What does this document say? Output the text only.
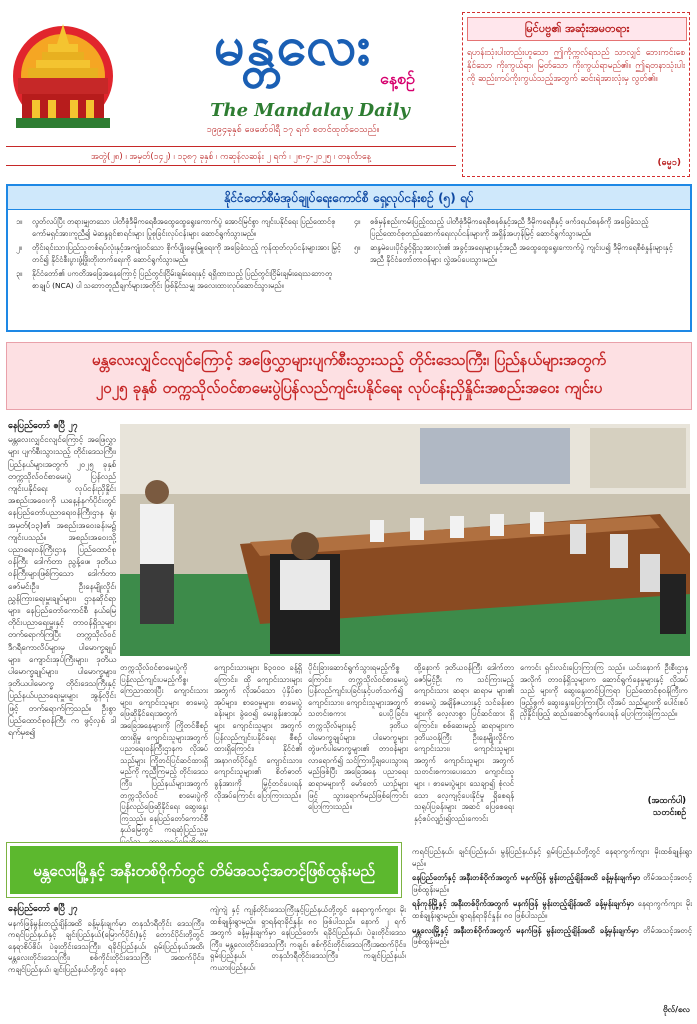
မန္တလေး
နေ့စဉ်
The Mandalay Daily
၁၉၉၄ခုနှစ် ဖေဖော်ဝါရီ ၁၇ ရက် စတင်ထုတ်ဝေသည်။
မြင်ပဗ္ဗ၏ အဆုံးအမတရား
ရဟန်းသုံးပါးတည်းဟူသော ဤကိုက္ကလ်ရသည် သာလျှင် ဘေးကင်းစေနိုင်သော ကိုးကွယ်ရာ၊ မြတ်သော ကိုးကွယ်ရာမည်၏။ ဤရတနာသုံးပါးကို ဆည်းကပ်ကိုးကွယ်သည့်အတွက် ဆင်းရဲအားလုံးမှ လွတ်၏။
(ဓမ္မ၁)
အတွဲ(၂၈) ၊ အမှတ်(၁၄၂) ၊ ၁၃၈၇ ခုနှစ် ၊ ကဆုန်လဆန်း ၂ ရက် ၊ ၂၈-၄-၂၀၂၅ ၊ တနင်္လာနေ့
နိုင်ငံတော်စီမံအုပ်ချုပ်ရေးကောင်စီ ရှေ့လုပ်ငန်းစဉ် (၅) ရပ်
၁။	လွတ်လပ်ပြီး တရားမျှတသော ပါတီစုံဒီမိုကရေစီအထွေထွေရွေးကောက်ပွဲ အောင်မြင်စွာ ကျင်းပနိုင်ရေး ပြည်ထောင်စုကော်မရှင်အားကူညီ၍ မဲဆန္ဒရှင်စာရင်းများ ပြုစုခြင်းလုပ်ငန်းများ ဆောင်ရွက်သွားမည်။
၂။	တိုင်းရင်းသားပြည်သူတစ်ရပ်လုံးနှင့်အကျုံးဝင်သော စိုက်ပျိုးမွေးမြူရေးကို အခြေခံသည့် ကုန်ထုတ်လုပ်ငန်းများအား မြှင့်တင်၍ နိုင်ငံစီးပွားဖွံ့ဖြိုးတိုးတက်ရေးကို ဆောင်ရွက်သွားမည်။
၃။	နိုင်ငံတော်၏ ပကတိအခြေအနေကြောင့် ပြည်တွင်းငြိမ်းချမ်းရေးနှင့် ရရှိထားသည့် ပြည်တွင်းငြိမ်းချမ်းရေးသဘောတူစာချုပ် (NCA) ပါ သဘောတူညီချက်များအတိုင်း ဖြစ်နိုင်သမျှ အလေးထားလုပ်ဆောင်သွားမည်။
၄။	စစ်မှန်စည်းကမ်းပြည့်ဝသည့် ပါတီစုံဒီမိုကရေစီစနစ်နှင့်အညီ ဒီမိုကရေစီနှင့် ဖက်ဒရယ်စနစ်ကို အခြေခံသည့် ပြည်ထောင်စုတည်ဆောက်ရေးလုပ်ငန်းများကို အရှိန်အဟုန်မြင့် ဆောင်ရွက်သွားမည်။
၅။	ဆန္ဒမဲပေးပိုင်ခွင့်ရှိသူအားလုံး၏ အခွင့်အရေးများနှင့်အညီ အထွေထွေရွေးကောက်ပွဲ ကျင်းပ၍ ဒီမိုကရေစီစံနှုန်းများနှင့်အညီ နိုင်ငံတော်တာဝန်များ လွှဲအပ်ပေးသွားမည်။
မန္တလေးလျှင်ငလျင်ကြောင့် အဖြေလွှာများပျက်စီးသွားသည့် တိုင်းဒေသကြီး၊ ပြည်နယ်များအတွက်
၂၀၂၅ ခုနှစ် တက္ကသိုလ်ဝင်စာမေးပွဲပြန်လည်ကျင်းပနိုင်ရေး လုပ်ငန်းညှိနှိုင်းအစည်းအဝေး ကျင်းပ
နေပြည်တော် ဧပြီ ၂၇
မန္တလေးလျှင်ငလျင်ကြောင့် အဖြေလွှာများ ပျက်စီးသွားသည့် တိုင်းဒေသကြီး၊ ပြည်နယ်များအတွက် ၂၀၂၅ ခုနှစ် တက္ကသိုလ်ဝင်စာမေးပွဲ ပြန်လည်ကျင်းပနိုင်ရေး လုပ်ငန်းညှိနှိုင်းအစည်းအဝေးကို ယနေ့နံနက်ပိုင်းတွင် နေပြည်တော်ပညာရေးဝန်ကြီးဌာန ရုံး အမှတ်(၁၃)၏ အစည်းအဝေးခန်းမ၌ ကျင်းပသည်။ အစည်းအဝေးသို့ ပညာရေးဝန်ကြီးဌာန ပြည်ထောင်စုဝန်ကြီး ဒေါက်တာ ညွန့်ဖေ၊ ဒုတိယဝန်ကြီးများဖြစ်ကြသော ဒေါက်တာ ဇော်မင်းဦး၊ ဦးနေမျိုးလှိုင်၊ ညွှန်ကြားရေးမှူးချုပ်များ၊ ဌာနဆိုင်ရာများ၊ နေပြည်တော်ကောင်စီ နယ်မြေတိုင်းပညာရေးမှူးနှင့် တာဝန်ရှိသူများ တက်ရောက်ကြပြီး တက္ကသိုလ်ဝင် ဒီဂရီကောလိပ်များမှ ပါမောက္ခချုပ်များ၊ ကျောင်းအုပ်ကြီးများ၊ ဒုတိယပါမောက္ခချုပ်များ၊ ပါမောက္ခများ၊ ဒုတိယပါမောက္ခ တိုင်းဒေသကြီးနှင့် ပြည်နယ်ပညာရေးမှူးများ အွန်လိုင်းဖြင့် တက်ရောက်ကြသည်။ ဦးစွာ ပြည်ထောင်စုဝန်ကြီး က ဖွင့်လှစ် ဒါ ရက်မှစ၍
တက္ကသိုလ်ဝင်စာမေးပွဲကို ပြန်လည်ကျင်းပမည့်ကိစ္စ၊ ကြေညာထားပြီး ကျောင်းသားများ၊ ကျောင်းသူများ စာမေးပွဲ ဖြေဆိုနိုင်ရေးအတွက် အခြေအနေများကို ကြိုတင်စီစဉ်ထားရှိမှု ကျောင်းသူများအတွက် ပညာရေးဝန်ကြီးဌာနက လိုအပ်သည်များ ကြိုတင်ပြင်ဆင်ထားရှိမည်ကို ကူညီကြမည့် တိုင်းဒေသကြီး၊ ပြည်နယ်များအတွက် တက္ကသိုလ်ဝင် စာမေးပွဲကို ပြန်လည်ဖြေဆိုနိုင်ရေး ဆွေးနွေးကြသည်။ နေပြည်တော်ကောင်စီ နယ်မြေတွင် ကရဆုံပြည်သူ့မှ
ကျောင်းသားများ ၆၃၀၀၀ ခန့်ရှိကြောင်း၊ ထို ကျောင်းသားများ အတွက် လိုအပ်သော ပုံနှိပ်စာအုပ်များ၊ စာဝေမှုများ၊ စာမေးပွဲခန်းများ ခွဲဝေ၍ မေးခွန်းစာအုပ်များ ကျောင်းသူများ အတွက် ပြန်လည်ကျင်းပနိုင်ရေး စီစဉ်ထားရှိကြောင်း၊ နိုင်ငံ၏ အနာဂတ်ပိုင်ရှင် ကျောင်းသား၊ ကျောင်းသူများ၏ စိတ်ဓာတ်ခွန်အားကို မြှင့်တင်ပေးရန် လိုအပ်ကြောင်း ပြောကြားသည်။
ပိုင်းခြားဆောင်ရွက်သွားရမည့်ကိစ္စ ကြောင်း၊ တက္ကသိုလ်ဝင်စာမေးပွဲ ပြန်လည်ကျင်းပခြင်းနှင့်ပတ်သက်၍ ကျောင်းသား၊ ကျောင်းသူများအတွက် သတင်းစကား ပေးပို့ခြင်း၊ တက္ကသိုလ်များနှင့် ဒုတိယပါမောက္ခချုပ်များ၊ ပါမောက္ခများ တွဲဖက်ပါမောက္ခများ၏ တာဝန်များ လာရောက်၍ သင်ကြားပို့ချပေးသွားရမည်ဖြစ်ပြီး အခြေအနေ ပညာရေး ဆရာမများကို မော်တော် ယာဥ်များဖြင့် သွားရောက်မည်ဖြစ်ကြောင်း ပြောကြားသည်။
ထို့နောက် ဒုတိယဝန်ကြီး ဒေါက်တာ ဇော်မြင့်ဦး က သင်ကြားမည့် ကျောင်းသား ဆရာ၊ ဆရာမ များ၏ စာမေးပွဲ အချိန်ဇယားနှင့် သင်ခန်းစာများကို လေ့လာစွာ ပြင်ဆင်ထား ရှိကြောင်း၊ စစ်ဆေးမည့် ဆရာများက ဒုတိယဝန်ကြီး ဦးနေမျိုးလှိုင်က ကျောင်းသား၊ ကျောင်းသူများ အတွက် ကျောင်းသူများ အတွက် သတင်းစကားပေးသော ကျောင်းသူများ ၊ စာမေးပွဲများ သေချာ၍ စုံလင်သော လေ့ကျင့်ပေးနိုင်မှု ရှိစေရန် သရုပ်ပြခန်းများ အဆင် ပြေစေရေးနှင့်စပ်လျဉ်း၍လည်းကောင်း
ကောင်း ရှင်းလင်းပြောကြားကြ သည်။ ယင်းနောက် ဦးစီးဌာန အလိုက် တာဝန်ရှိသူများက ဆောင်ရွက်နေမှုများနှင့် လိုအပ်သည် များကို ဆွေးနွေးတင်ပြကြရာ ပြည်ထောင်စုဝန်ကြီးက ဖြည့်စွက် ဆွေးနွေးပြောကြားပြီး လိုအပ် သည်များကို ပေါင်းစပ်ညှိနှိုင်းဖြည့် ဆည်းဆောင်ရွက်ပေးရန် ပြောကြားခဲ့ကြသည်။
(အထက်ပါ)
သတင်းစဉ်
မန္တလေးမြို့နှင့် အနီးတစ်ဝိုက်တွင် တိမ်အသင့်အတင့်ဖြစ်ထွန်းမည်
နေပြည်တော် ဧပြီ ၂၇
မနက်ဖြန်မွန်းတည့်ချိန်အထိ ခန့်မှန်းချက်မှာ တနင်္သာရီတိုင်း ဒေသကြီး၊ ကရင်ပြည်နယ်နှင့် ချင်းပြည်နယ်(မြောက်ပိုင်း)နှင့် တောင်ပိုင်းတို့တွင် နေရာစိပ်စိပ်၊ ပဲခူးတိုင်းဒေသကြီး၊ ရခိုင်ပြည်နယ်၊ ရှမ်းပြည်နယ်အထိ၊ မန္တလေးတိုင်းဒေသကြီး၊ စစ်ကိုင်းတိုင်းဒေသကြီး အထက်ပိုင်း၊ ကချင်ပြည်နယ်၊ ချင်းပြည်နယ်တို့တွင် နေရာ
ကျဲကျဲ နှင့် ကျန်တိုင်းဒေသကြီးနှင့်ပြည်နယ်တို့တွင် နေရာကွက်ကျား မိုးထစ်ချုန်းရွာမည်။ ရှာရန်ရာခိုင်နှုန်း ၈၀ ဖြစ်ပါသည်။ နောက် ၂ ရက်အတွက် ခန့်မှန်းချက်မှာ နေပြည်တော်၊ ရခိုင်ပြည်နယ်၊ ပဲခူးတိုင်းဒေသကြီး၊ မန္တလေးတိုင်းဒေသကြီး ကချင်၊ စစ်ကိုင်းတိုင်းဒေသကြီးအထက်ပိုင်း၊ ရှမ်းပြည်နယ်၊ တနင်္သာရီတိုင်းဒေသကြီး၊ ကချင်ပြည်နယ်၊ ကယားပြည်နယ်၊
ကရင်ပြည်နယ်၊ ချင်းပြည်နယ်၊ မွန်ပြည်နယ်နှင့် ရှမ်းပြည်နယ်တို့တွင် နေရာကွက်ကျား မိုးထစ်ချုန်းရွာမည်။
နေပြည်တော်နှင့် အနီးတစ်ဝိုက်အတွက် မနက်ဖြန် မွန်းတည့်ချိန်အထိ ခန့်မှန်းချက်မှာ တိမ်အသင့်အတင့်ဖြစ်ထွန်းမည်။
ရန်ကုန်မြို့နှင့် အနီးတစ်ဝိုက်အတွက် မနက်ဖြန် မွန်းတည့်ချိန်အထိ ခန့်မှန်းချက်မှာ နေရာကွက်ကျား မိုးထစ်ချုန်းရွာမည်။ ရွာရန်ရာခိုင်နှုန်း ၈၀ ဖြစ်ပါသည်။
မန္တလေးမြို့နှင့် အနီးတစ်ဝိုက်အတွက် မနက်ဖြန် မွန်းတည့်ချိန်အထိ ခန့်မှန်းချက်မှာ တိမ်အသင့်အတင့်ဖြစ်ထွန်းမည်။
ဗိုလ်/စလ
